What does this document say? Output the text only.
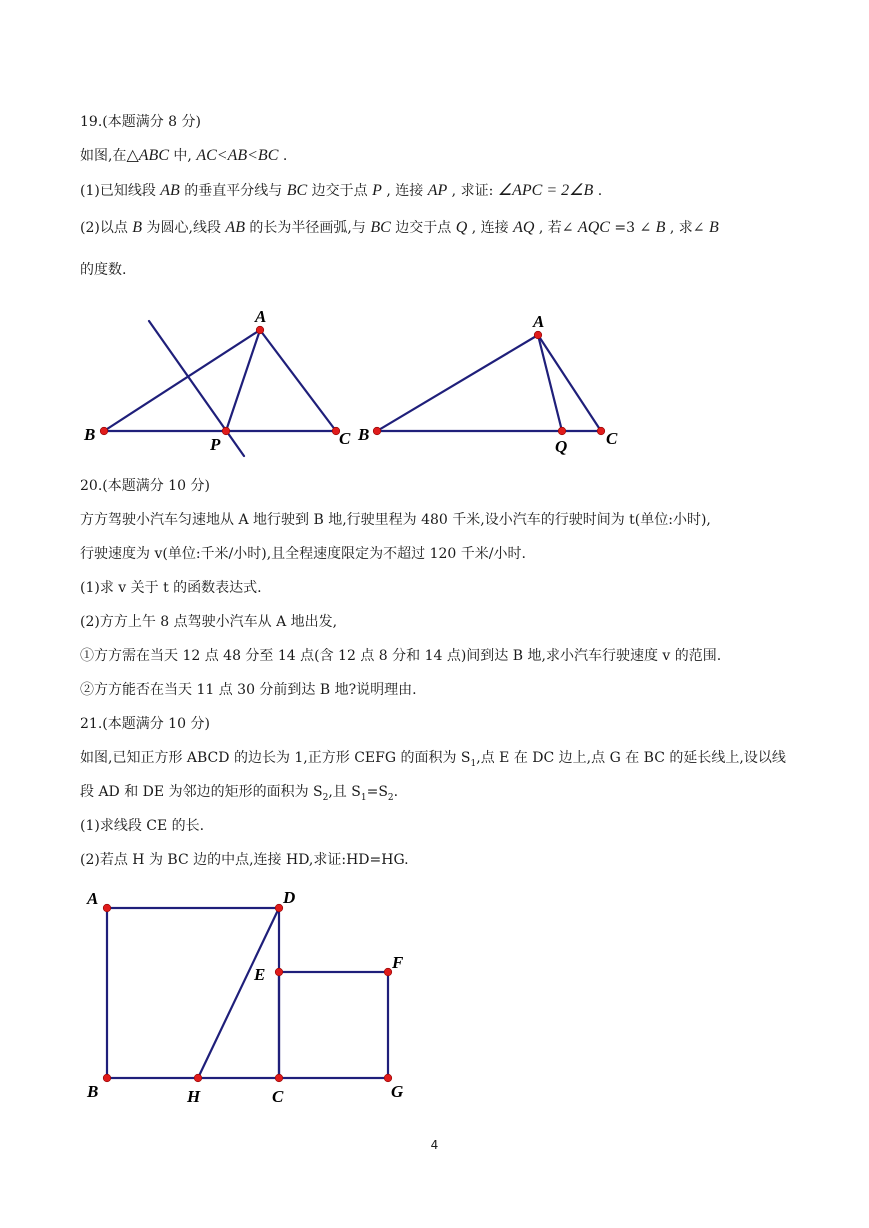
19.(本题满分 8 分)
如图,在△ABC 中, AC<AB<BC .
(1)已知线段 AB 的垂直平分线与 BC 边交于点 P , 连接 AP , 求证: ∠APC = 2∠B .
(2)以点 B 为圆心,线段 AB 的长为半径画弧,与 BC 边交于点 Q , 连接 AQ , 若∠ AQC =3 ∠ B , 求∠ B
的度数.
A
B	C
P
A
B	C
Q
A	D
E
F
B	H	C	G
20.(本题满分 10 分)
方方驾驶小汽车匀速地从 A 地行驶到 B 地,行驶里程为 480 千米,设小汽车的行驶时间为 t(单位:小时),
行驶速度为 v(单位:千米/小时),且全程速度限定为不超过 120 千米/小时.
(1)求 v 关于 t 的函数表达式.
(2)方方上午 8 点驾驶小汽车从 A 地出发,
①方方需在当天 12 点 48 分至 14 点(含 12 点 8 分和 14 点)间到达 B 地,求小汽车行驶速度 v 的范围.
②方方能否在当天 11 点 30 分前到达 B 地?说明理由.
21.(本题满分 10 分)
如图,已知正方形 ABCD 的边长为 1,正方形 CEFG 的面积为 $S_1$,点 E 在 DC 边上,点 G 在 BC 的延长线上,设以线
段 AD 和 DE 为邻边的矩形的面积为 $S_2$,且 $S_1=S_2$.
(1)求线段 CE 的长.
(2)若点 H 为 BC 边的中点,连接 HD,求证:HD=HG.
4
